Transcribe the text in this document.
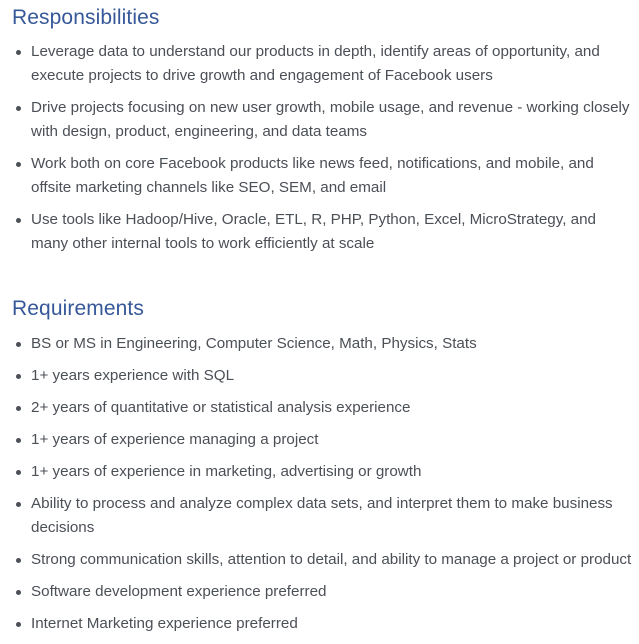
Responsibilities
Leverage data to understand our products in depth, identify areas of opportunity, and execute projects to drive growth and engagement of Facebook users
Drive projects focusing on new user growth, mobile usage, and revenue - working closely with design, product, engineering, and data teams
Work both on core Facebook products like news feed, notifications, and mobile, and offsite marketing channels like SEO, SEM, and email
Use tools like Hadoop/Hive, Oracle, ETL, R, PHP, Python, Excel, MicroStrategy, and many other internal tools to work efficiently at scale
Requirements
BS or MS in Engineering, Computer Science, Math, Physics, Stats
1+ years experience with SQL
2+ years of quantitative or statistical analysis experience
1+ years of experience managing a project
1+ years of experience in marketing, advertising or growth
Ability to process and analyze complex data sets, and interpret them to make business decisions
Strong communication skills, attention to detail, and ability to manage a project or product
Software development experience preferred
Internet Marketing experience preferred
